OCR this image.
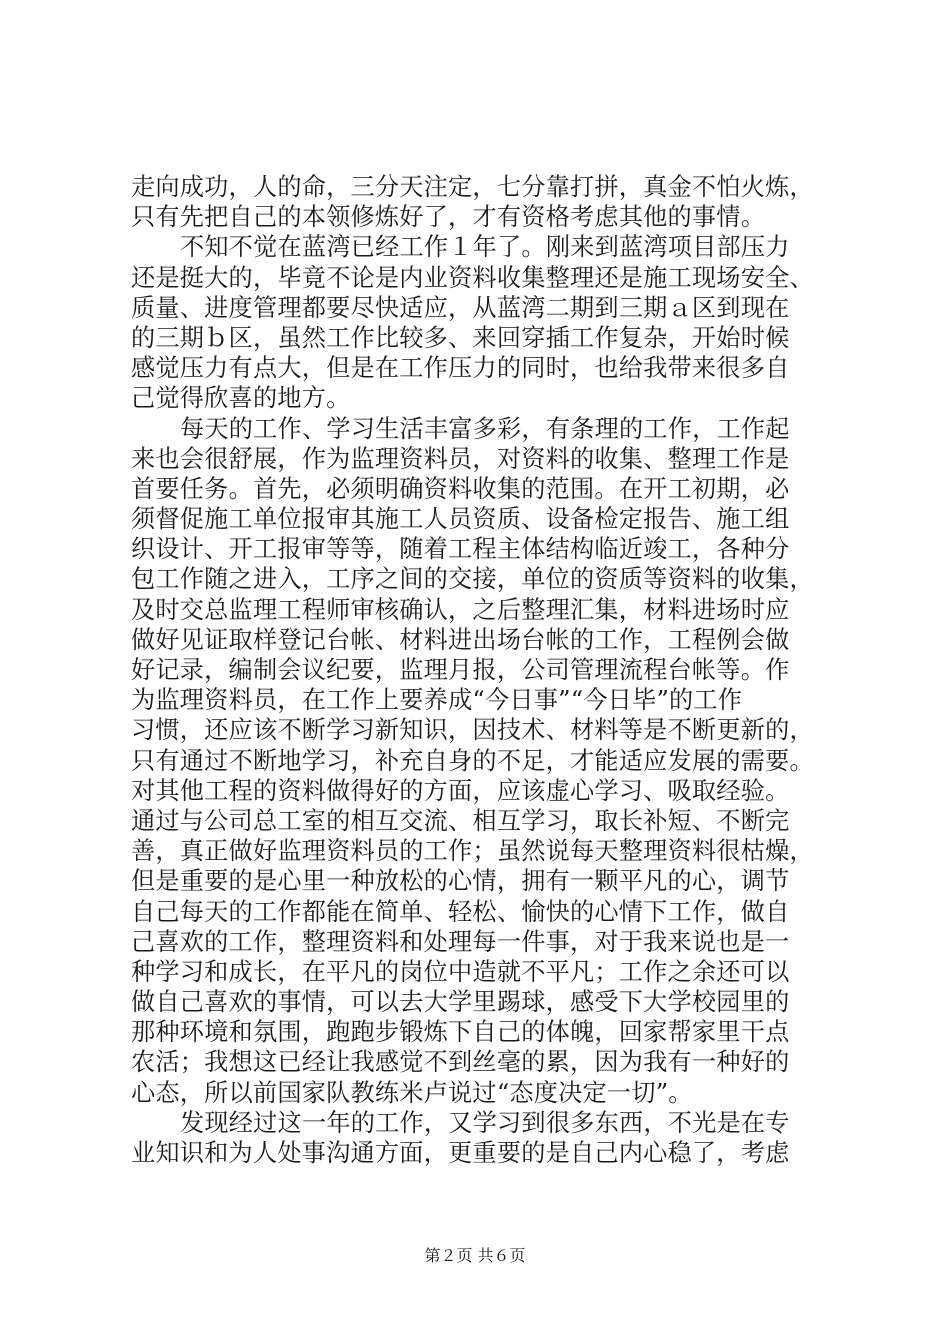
走向成功，人的命，三分天注定，七分靠打拼，真金不怕火炼，
只有先把自己的本领修炼好了，才有资格考虑其他的事情。
不知不觉在蓝湾已经工作１年了。刚来到蓝湾项目部压力
还是挺大的，毕竟不论是内业资料收集整理还是施工现场安全、
质量、进度管理都要尽快适应，从蓝湾二期到三期ａ区到现在
的三期ｂ区，虽然工作比较多、来回穿插工作复杂，开始时候
感觉压力有点大，但是在工作压力的同时，也给我带来很多自
己觉得欣喜的地方。
每天的工作、学习生活丰富多彩，有条理的工作，工作起
来也会很舒展，作为监理资料员，对资料的收集、整理工作是
首要任务。首先，必须明确资料收集的范围。在开工初期，必
须督促施工单位报审其施工人员资质、设备检定报告、施工组
织设计、开工报审等等，随着工程主体结构临近竣工，各种分
包工作随之进入，工序之间的交接，单位的资质等资料的收集，
及时交总监理工程师审核确认，之后整理汇集，材料进场时应
做好见证取样登记台帐、材料进出场台帐的工作，工程例会做
好记录，编制会议纪要，监理月报，公司管理流程台帐等。作
为监理资料员，在工作上要养成“今日事”“今日毕”的工作
习惯，还应该不断学习新知识，因技术、材料等是不断更新的，
只有通过不断地学习，补充自身的不足，才能适应发展的需要。
对其他工程的资料做得好的方面，应该虚心学习、吸取经验。
通过与公司总工室的相互交流、相互学习，取长补短、不断完
善，真正做好监理资料员的工作；虽然说每天整理资料很枯燥，
但是重要的是心里一种放松的心情，拥有一颗平凡的心，调节
自己每天的工作都能在简单、轻松、愉快的心情下工作，做自
己喜欢的工作，整理资料和处理每一件事，对于我来说也是一
种学习和成长，在平凡的岗位中造就不平凡；工作之余还可以
做自己喜欢的事情，可以去大学里踢球，感受下大学校园里的
那种环境和氛围，跑跑步锻炼下自己的体魄，回家帮家里干点
农活；我想这已经让我感觉不到丝毫的累，因为我有一种好的
心态，所以前国家队教练米卢说过“态度决定一切”。
发现经过这一年的工作，又学习到很多东西，不光是在专
业知识和为人处事沟通方面，更重要的是自己内心稳了，考虑
第２页 共６页
